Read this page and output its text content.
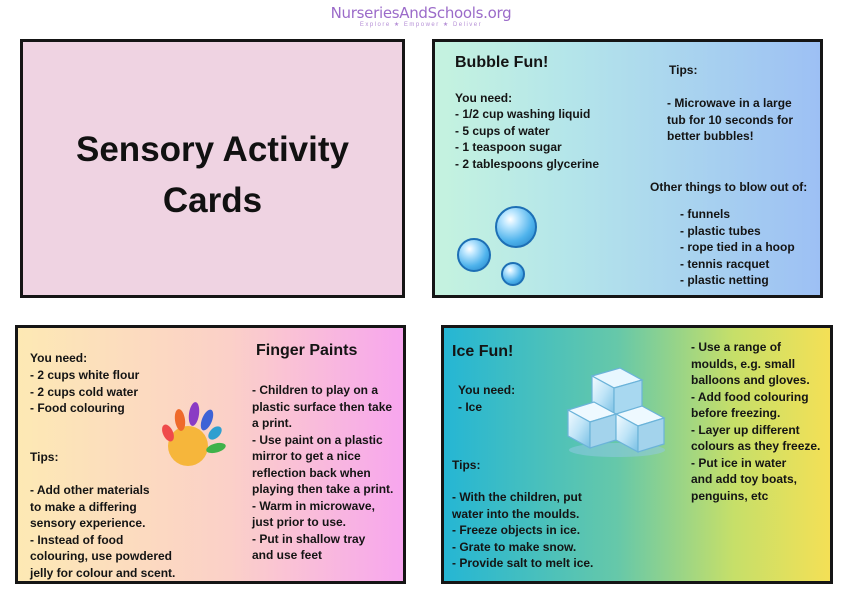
NurseriesAndSchools.org
Explore ★ Empower ★ Deliver
Sensory Activity
Cards
Bubble Fun!
You need:
- 1/2 cup washing liquid
- 5 cups of water
- 1 teaspoon sugar
- 2 tablespoons glycerine
Tips:
- Microwave in a large
tub for 10 seconds for
better bubbles!
Other things to blow out of:
- funnels
- plastic tubes
- rope tied in a hoop
- tennis racquet
- plastic netting
Finger Paints
You need:
- 2 cups white flour
- 2 cups cold water
- Food colouring
Tips:
- Add other materials
to make a differing
sensory experience.
- Instead of food
colouring, use powdered
jelly for colour and scent.
- Children to play on a
plastic surface then take
a print.
- Use paint on a plastic
mirror to get a nice
reflection back when
playing then take a print.
- Warm in microwave,
just prior to use.
- Put in shallow tray
and use feet
Ice Fun!
You need:
- Ice
Tips:
- With the children, put
water into the moulds.
- Freeze objects in ice.
- Grate to make snow.
- Provide salt to melt ice.
- Use a range of
moulds, e.g. small
balloons and gloves.
- Add food colouring
before freezing.
- Layer up different
colours as they freeze.
- Put ice in water
and add toy boats,
penguins, etc
